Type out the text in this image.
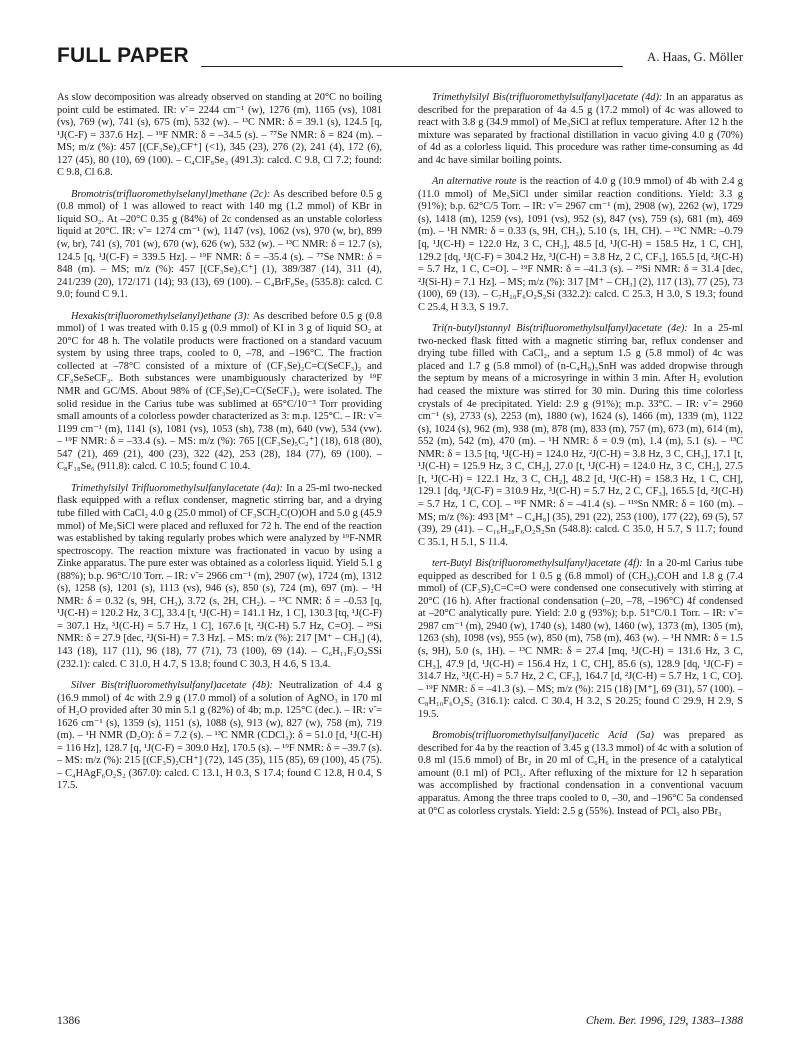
FULL PAPER	A. Haas, G. Möller

As slow decomposition was already observed on standing at 20°C no boiling point culd be estimated. IR: ν̃ = 2244 cm⁻¹ (w), 1276 (m), 1165 (vs), 1081 (vs), 769 (w), 741 (s), 675 (m), 532 (w). – ¹³C NMR: δ = 39.1 (s), 124.5 [q, ¹J(C-F) = 337.6 Hz]. – ¹⁹F NMR: δ = –34.5 (s). – ⁷⁷Se NMR: δ = 824 (m). – MS; m/z (%): 457 [(CF₃Se)₃CF⁺] (<1), 345 (23), 276 (2), 241 (4), 172 (6), 127 (45), 80 (10), 69 (100). – C₄ClF₉Se₃ (491.3): calcd. C 9.8, Cl 7.2; found: C 9.8, Cl 6.8.

Bromotris(trifluoromethylselanyl)methane (2c): As described before 0.5 g (0.8 mmol) of 1 was allowed to react with 140 mg (1.2 mmol) of KBr in liquid SO₂. At –20°C 0.35 g (84%) of 2c condensed as an unstable colorless liquid at 20°C. IR: ν̃ = 1274 cm⁻¹ (w), 1147 (vs), 1062 (vs), 970 (w, br), 899 (w, br), 741 (s), 701 (w), 670 (w), 626 (w), 532 (w). – ¹³C NMR: δ = 12.7 (s), 124.5 [q, ¹J(C-F) = 339.5 Hz]. – ¹⁹F NMR: δ = –35.4 (s). – ⁷⁷Se NMR: δ = 848 (m). – MS; m/z (%): 457 [(CF₃Se)₃C⁺] (1), 389/387 (14), 311 (4), 241/239 (20), 172/171 (14); 93 (13), 69 (100). – C₄BrF₉Se₃ (535.8): calcd. C 9.0; found C 9.1.

Hexakis(trifluoromethylselanyl)ethane (3): As described before 0.5 g (0.8 mmol) of 1 was treated with 0.15 g (0.9 mmol) of KI in 3 g of liquid SO₂ at 20°C for 48 h. The volatile products were fractioned on a standard vacuum system by using three traps, cooled to 0, –78, and –196°C. The fraction collected at –78°C consisted of a mixture of (CF₃Se)₂C=C(SeCF₃)₂ and CF₃SeSeCF₃. Both substances were unambiguously characterized by ¹⁹F NMR and GC/MS. About 98% of (CF₃Se)₂C=C(SeCF₃)₂ were isolated. The solid residue in the Carius tube was sublimed at 65°C/10⁻³ Torr providing small amounts of a colorless powder characterized as 3: m.p. 125°C. – IR: ν̃ = 1199 cm⁻¹ (m), 1141 (s), 1081 (vs), 1053 (sh), 738 (m), 640 (vw), 534 (vw). – ¹⁹F NMR: δ = –33.4 (s). – MS: m/z (%): 765 [(CF₃Se)₅C₂⁺] (18), 618 (80), 547 (21), 469 (21), 400 (23), 322 (42), 253 (28), 184 (77), 69 (100). – C₈F₁₈Se₆ (911.8): calcd. C 10.5; found C 10.4.

Trimethylsilyl Trifluoromethylsulfanylacetate (4a): In a 25-ml two-necked flask equipped with a reflux condenser, magnetic stirring bar, and a drying tube filled with CaCl₂ 4.0 g (25.0 mmol) of CF₃SCH₂C(O)OH and 5.0 g (45.9 mmol) of Me₃SiCl were placed and refluxed for 72 h. The end of the reaction was established by taking regularly probes which were analyzed by ¹⁹F-NMR spectroscopy. The reaction mixture was fractionated in vacuo by using a Zinke apparatus. The pure ester was obtained as a colorless liquid. Yield 5.1 g (88%); b.p. 96°C/10 Torr. – IR: ν̃ = 2966 cm⁻¹ (m), 2907 (w), 1724 (m), 1312 (s), 1258 (s), 1201 (s), 1113 (vs), 946 (s), 850 (s), 724 (m), 697 (m). – ¹H NMR: δ = 0.32 (s, 9H, CH₃), 3.72 (s, 2H, CH₂). – ¹³C NMR: δ = –0.53 [q, ¹J(C-H) = 120.2 Hz, 3 C], 33.4 [t, ¹J(C-H) = 141.1 Hz, 1 C], 130.3 [tq, ¹J(C-F) = 307.1 Hz, ³J(C-H) = 5.7 Hz, 1 C], 167.6 [t, ²J(C-H) 5.7 Hz, C=O]. – ²⁹Si NMR: δ = 27.9 [dec, ²J(Si-H) = 7.3 Hz]. – MS: m/z (%): 217 [M⁺ – CH₃] (4), 143 (18), 117 (11), 96 (18), 77 (71), 73 (100), 69 (14). – C₆H₁₁F₃O₂SSi (232.1): calcd. C 31.0, H 4.7, S 13.8; found C 30.3, H 4.6, S 13.4.

Silver Bis(trifluoromethylsulfanyl)acetate (4b): Neutralization of 4.4 g (16.9 mmol) of 4c with 2.9 g (17.0 mmol) of a solution of AgNO₃ in 170 ml of H₂O provided after 30 min 5.1 g (82%) of 4b; m.p. 125°C (dec.). – IR: ν̃ = 1626 cm⁻¹ (s), 1359 (s), 1151 (s), 1088 (s), 913 (w), 827 (w), 758 (m), 719 (m). – ¹H NMR (D₂O): δ = 7.2 (s). – ¹³C NMR (CDCl₃): δ = 51.0 [d, ¹J(C-H) = 116 Hz], 128.7 [q, ¹J(C-F) = 309.0 Hz], 170.5 (s). – ¹⁹F NMR: δ = –39.7 (s). – MS: m/z (%): 215 [(CF₃S)₂CH⁺] (72), 145 (35), 115 (85), 69 (100), 45 (75). – C₄HAgF₆O₂S₂ (367.0): calcd. C 13.1, H 0.3, S 17.4; found C 12.8, H 0.4, S 17.5.

Trimethylsilyl Bis(trifluoromethylsulfanyl)acetate (4d): In an apparatus as described for the preparation of 4a 4.5 g (17.2 mmol) of 4c was allowed to react with 3.8 g (34.9 mmol) of Me₃SiCl at reflux temperature. After 12 h the mixture was separated by fractional distillation in vacuo giving 4.0 g (70%) of 4d as a colorless liquid. This procedure was rather time-consuming as 4d and 4c have similar boiling points.

An alternative route is the reaction of 4.0 g (10.9 mmol) of 4b with 2.4 g (11.0 mmol) of Me₃SiCl under similar reaction conditions. Yield: 3.3 g (91%); b.p. 62°C/5 Torr. – IR: ν̃ = 2967 cm⁻¹ (m), 2908 (w), 2262 (w), 1729 (s), 1418 (m), 1259 (vs), 1091 (vs), 952 (s), 847 (vs), 759 (s), 681 (m), 469 (m). – ¹H NMR: δ = 0.33 (s, 9H, CH₃), 5.10 (s, 1H, CH). – ¹³C NMR: –0.79 [q, ¹J(C-H) = 122.0 Hz, 3 C, CH₃], 48.5 [d, ¹J(C-H) = 158.5 Hz, 1 C, CH], 129.2 [dq, ¹J(C-F) = 304.2 Hz, ³J(C-H) = 3.8 Hz, 2 C, CF₃], 165.5 [d, ²J(C-H) = 5.7 Hz, 1 C, C=O]. – ¹⁹F NMR: δ = –41.3 (s). – ²⁹Si NMR: δ = 31.4 [dec, ²J(Si-H) = 7.1 Hz]. – MS; m/z (%): 317 [M⁺ – CH₃] (2), 117 (13), 77 (25), 73 (100), 69 (13). – C₇H₁₀F₆O₂S₂Si (332.2): calcd. C 25.3, H 3.0, S 19.3; found C 25.4, H 3.3, S 19.7.

Tri(n-butyl)stannyl Bis(trifluoromethylsulfanyl)acetate (4e): In a 25-ml two-necked flask fitted with a magnetic stirring bar, reflux condenser and drying tube filled with CaCl₂, and a septum 1.5 g (5.8 mmol) of 4c was placed and 1.7 g (5.8 mmol) of (n-C₄H₉)₃SnH was added dropwise through the septum by means of a microsyringe in within 3 min. After H₂ evolution had ceased the mixture was stirred for 30 min. During this time colorless crystals of 4e precipitated. Yield: 2.9 g (91%); m.p. 33°C. – IR: ν̃ = 2960 cm⁻¹ (s), 2733 (s), 2253 (m), 1880 (w), 1624 (s), 1466 (m), 1339 (m), 1122 (s), 1024 (s), 962 (m), 938 (m), 878 (m), 833 (m), 757 (m), 673 (m), 614 (m), 552 (m), 542 (m), 470 (m). – ¹H NMR: δ = 0.9 (m), 1.4 (m), 5.1 (s). – ¹³C NMR: δ = 13.5 [tq, ¹J(C-H) = 124.0 Hz, ²J(C-H) = 3.8 Hz, 3 C, CH₃], 17.1 [t, ¹J(C-H) = 125.9 Hz, 3 C, CH₂], 27.0 [t, ¹J(C-H) = 124.0 Hz, 3 C, CH₂], 27.5 [t, ¹J(C-H) = 122.1 Hz, 3 C, CH₂], 48.2 [d, ¹J(C-H) = 158.3 Hz, 1 C, CH], 129.1 [dq, ¹J(C-F) = 310.9 Hz, ³J(C-H) = 5.7 Hz, 2 C, CF₃], 165.5 [d, ²J(C-H) = 5.7 Hz, 1 C, CO]. – ¹⁹F NMR: δ = –41.4 (s). – ¹¹⁹Sn NMR: δ = 160 (m). – MS; m/z (%): 493 [M⁺ – C₄H₉] (35), 291 (22), 253 (100), 177 (22), 69 (5), 57 (39), 29 (41). – C₁₆H₂₈F₆O₂S₂Sn (548.8): calcd. C 35.0, H 5.7, S 11.7; found C 35.1, H 5.1, S 11.4.

tert-Butyl Bis(trifluoromethylsulfanyl)acetate (4f): In a 20-ml Carius tube equipped as described for 1 0.5 g (6.8 mmol) of (CH₃)₃COH and 1.8 g (7.4 mmol) of (CF₃S)₂C=C=O were condensed one consecutively with stirring at 20°C (16 h). After fractional condensation (–20, –78, –196°C) 4f condensed at –20°C analytically pure. Yield: 2.0 g (93%); b.p. 51°C/0.1 Torr. – IR: ν̃ = 2987 cm⁻¹ (m), 2940 (w), 1740 (s), 1480 (w), 1460 (w), 1373 (m), 1305 (m), 1263 (sh), 1098 (vs), 955 (w), 850 (m), 758 (m), 463 (w). – ¹H NMR: δ = 1.5 (s, 9H), 5.0 (s, 1H). – ¹³C NMR: δ = 27.4 [mq, ¹J(C-H) = 131.6 Hz, 3 C, CH₃], 47.9 [d, ¹J(C-H) = 156.4 Hz, 1 C, CH], 85.6 (s), 128.9 [dq, ¹J(C-F) = 314.7 Hz, ³J(C-H) = 5.7 Hz, 2 C, CF₃], 164.7 [d, ²J(C-H) = 5.7 Hz, 1 C, CO]. – ¹⁹F NMR: δ = –41.3 (s). – MS; m/z (%): 215 (18) [M⁺], 69 (31), 57 (100). – C₈H₁₀F₆O₂S₂ (316.1): calcd. C 30.4, H 3.2, S 20.25; found C 29.9, H 2.9, S 19.5.

Bromobis(trifluoromethylsulfanyl)acetic Acid (5a) was prepared as described for 4a by the reaction of 3.45 g (13.3 mmol) of 4c with a solution of 0.8 ml (15.6 mmol) of Br₂ in 20 ml of C₆H₆ in the presence of a catalytical amount (0.1 ml) of PCl₃. After refluxing of the mixture for 12 h separation was accomplished by fractional condensation in a conventional vacuum apparatus. Among the three traps cooled to 0, –30, and –196°C 5a condensed at 0°C as colorless crystals. Yield: 2.5 g (55%). Instead of PCl₃ also PBr₃

1386	Chem. Ber. 1996, 129, 1383–1388
